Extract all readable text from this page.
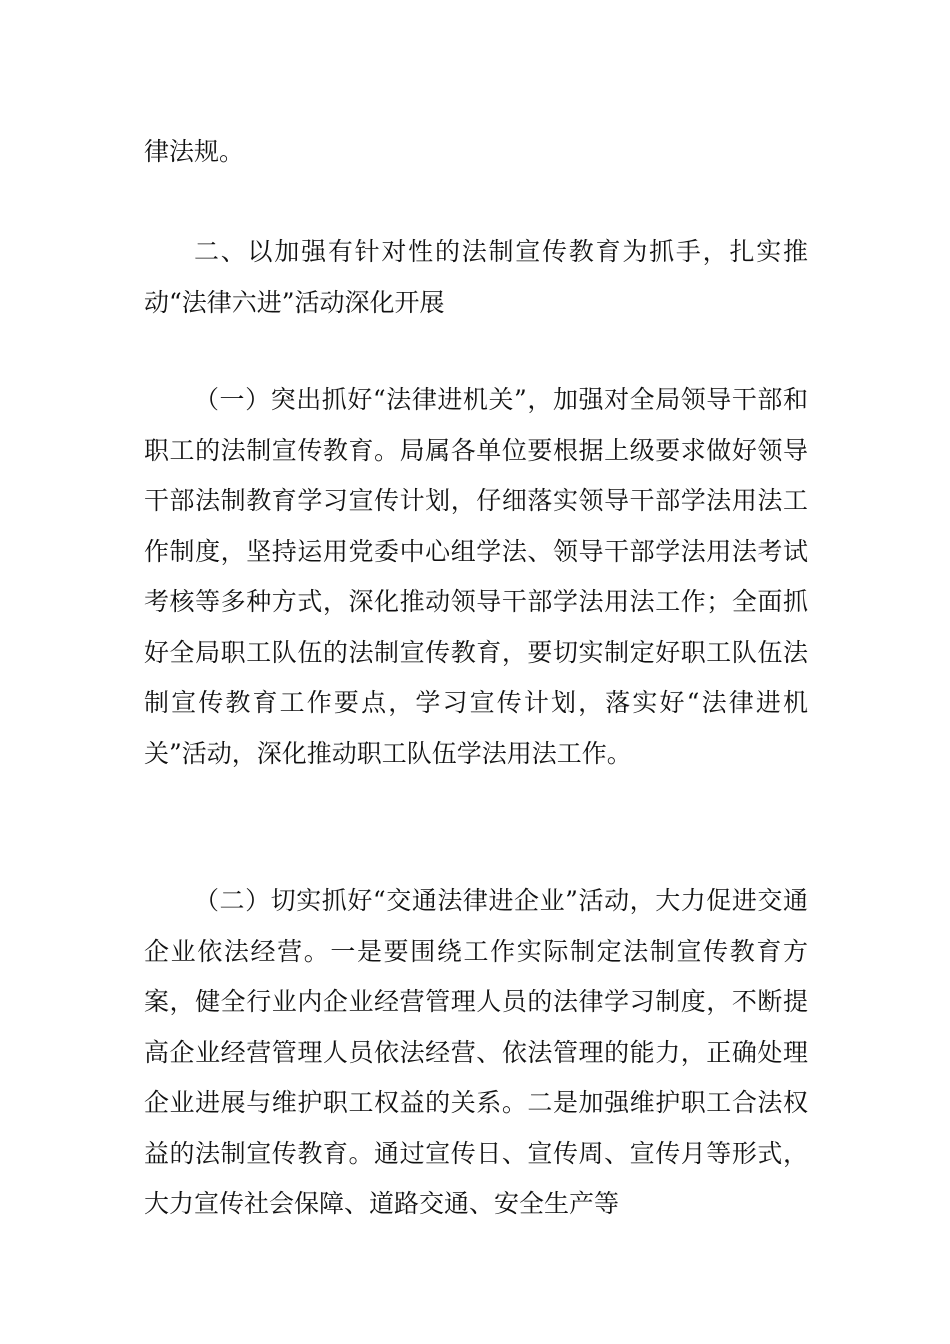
律法规。

二、以加强有针对性的法制宣传教育为抓手，扎实推动“法律六进”活动深化开展

（一）突出抓好“法律进机关”，加强对全局领导干部和职工的法制宣传教育。局属各单位要根据上级要求做好领导干部法制教育学习宣传计划，仔细落实领导干部学法用法工作制度，坚持运用党委中心组学法、领导干部学法用法考试考核等多种方式，深化推动领导干部学法用法工作；全面抓好全局职工队伍的法制宣传教育，要切实制定好职工队伍法制宣传教育工作要点，学习宣传计划，落实好“法律进机关”活动，深化推动职工队伍学法用法工作。

（二）切实抓好“交通法律进企业”活动，大力促进交通企业依法经营。一是要围绕工作实际制定法制宣传教育方案，健全行业内企业经营管理人员的法律学习制度，不断提高企业经营管理人员依法经营、依法管理的能力，正确处理企业进展与维护职工权益的关系。二是加强维护职工合法权益的法制宣传教育。通过宣传日、宣传周、宣传月等形式，大力宣传社会保障、道路交通、安全生产等
